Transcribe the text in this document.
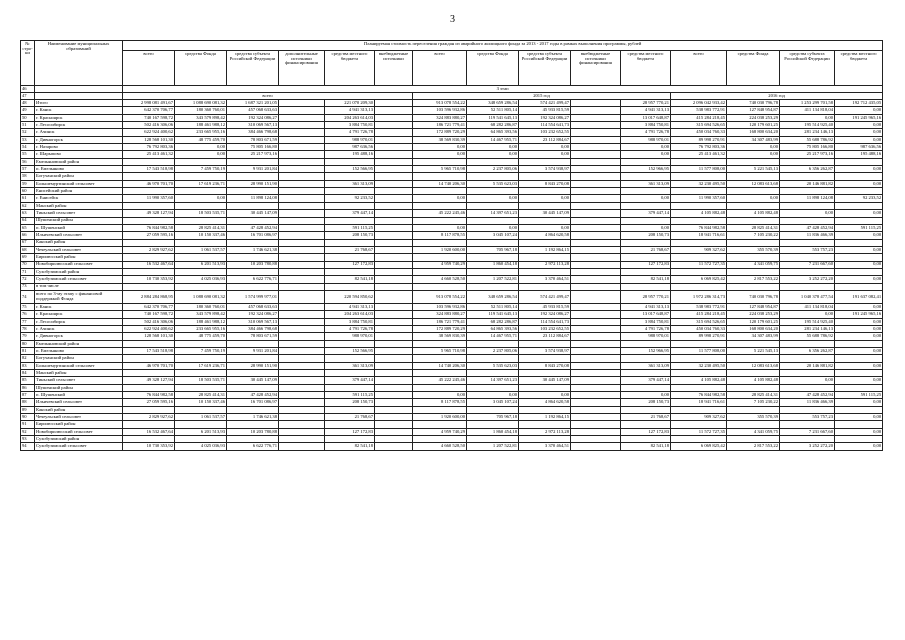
3
№ стро-ки	Наименование муниципальных образований	Планируемая стоимость переселения граждан из аварийного жилищного фонда за 2013 - 2017 годы в рамках выполнения программы, рублей														
		всего	средства Фонда	средства субъекта Российской Федерации	дополнительные источники финансирования	средства местного бюджета	внебюджетные источники	всего	средства Фонда	средства субъекта Российской Федерации	внебюджетные источники финансирования	средства местного бюджета	всего	средства Фонда	средства субъекта Российской Федерации	средства местного бюджета
46		3 этап														
47		всего						2015 год					2016 год			
48	Итого	2 998 081 491,67	1 088 690 081,32	1 687 321 201,05		221 070 209,30		913 078 554,22	348 659 286,54	574 421 499,47		28 957 770,21	2 096 042 933,42	740 030 796,78	1 253 299 701,58	192 712 435,05
49	г. Канск	642 370 706,77	180 360 760,01	457 068 633,63		4 941 313,13		103 596 932,86	52 511 805,14	45 933 815,59		4 941 313,13	538 983 772,91	127 848 954,87	411 134 818,04	0,00
50	г. Красноярск	740 167 598,72	343 579 898,42	192 324 086,27		204 263 614,03		324 883 880,27	119 541 645,13	192 324 086,27		13 017 648,87	415 284 218,45	224 038 253,29	0,00	191 245 965,16
51	г. Лесосибирск	502 416 306,06	188 461 988,12	310 069 567,13		3 884 750,81		186 721 779,41	68 282 286,87	114 554 641,73		3 884 750,81	315 694 526,65	120 179 601,25	195 514 925,40	0,00
52	г. Ачинск	622 924 400,62	233 665 955,16	384 466 798,68		4 791 726,78		172 889 720,29	64 865 393,56	103 232 652,55		4 791 726,78	450 034 760,33	168 800 634,20	281 234 146,13	0,00
53	г. Дивногорск	128 568 101,30	48 775 459,70	78 803 671,59		988 970,01		38 569 830,39	14 467 955,71	23 112 884,67		988 970,01	89 998 270,91	34 307 483,99	55 688 786,92	0,00
54	г. Назарово	76 792 803,36	0,00	75 805 166,80		987 636,56		0,00	0,00	0,00		0,00	76 792 803,36	0,00	75 805 166,80	987 636,56
55	г. Шарыпово	25 413 461,32	0,00	25 217 973,16		195 488,16		0,00	0,00	0,00		0,00	25 413 461,32	0,00	25 217 973,16	195 488,16
56	Емельяновский район															
57	п. Емельяново	17 543 518,98	7 459 750,19	9 931 201,84		152 566,95		5 965 710,98	2 237 805,06	3 574 938,97		152 966,95	11 577 808,00	5 221 545,13	6 356 262,87	0,00
58	Богучанский район															
59	Большемуртинский сельсовет	46 970 701,70	17 619 236,71	28 990 151,90		361 313,09		14 740 206,30	5 535 623,03	8 843 270,08		361 313,09	32 230 495,50	12 083 613,68	20 146 881,82	0,00
60	Енисейский район															
61	г. Енисейск	11 990 357,60	0,00	11 898 124,08		92 233,52		0,00	0,00	0,00		0,00	11 990 357,60	0,00	11 898 124,08	92 233,52
62	Манский район															
63	Тиньский сельсовет	49 328 127,94	18 503 535,71	30 445 147,09		379 447,14		45 222 245,46	14 397 651,23	30 445 147,09		379 447,14	4 105 882,48	4 105 882,48	0,00	0,00
64	Шушенский район															
65	п. Шушенский	76 844 982,58	28 825 414,31	47 428 452,94		591 115,25		0,00	0,00	0,00		0,00	76 844 982,58	28 825 414,31	47 428 452,94	591 115,25
66	Ильичевский сельсовет	27 059 595,16	10 150 337,46	16 701 086,97		208 150,73		8 117 878,55	3 045 107,24	4 864 620,58		208 150,73	18 941 716,61	7 105 230,22	11 836 466,39	0,00
67	Канский район															
68	Чечеульский сельсовет	2 829 927,62	1 061 537,57	1 746 621,38		21 768,67		1 920 600,00	705 967,18	1 192 864,15		21 768,67	909 327,62	355 570,39	553 757,23	0,00
69	Бирилюсский район															
70	Новобирилюсский сельсовет	16 532 467,64	6 201 513,93	10 203 780,88		127 172,83		4 959 740,29	1 860 454,18	2 972 113,28		127 172,83	11 572 727,35	4 341 059,75	7 231 667,60	0,00
71	Сухобузимский район															
72	Сухобузимский сельсовет	10 730 353,92	4 025 036,93	6 622 776,71		82 541,18		4 660 528,50	1 207 522,81	3 370 464,51		82 541,18	6 069 825,42	2 817 553,22	3 252 272,20	0,00
73	в том числе															
74	всего по 3-му этапу с финансовой поддержкой Фонда	2 884 284 868,95	1 088 690 081,32	1 574 999 977,01		220 594 850,62		913 078 554,22	348 659 286,54	574 421 499,47		28 957 770,21	1 972 286 314,73	740 030 796,78	1 040 378 477,54	191 637 082,41
75	г. Канск	642 370 706,77	180 360 760,01	457 068 633,63		4 941 313,13		103 596 932,86	52 511 805,14	45 933 815,59		4 941 313,13	538 983 772,91	127 848 954,87	411 134 818,04	0,00
76	г. Красноярск	740 167 598,72	343 579 898,42	192 324 086,27		204 263 614,03		324 883 880,27	119 541 645,13	192 324 086,27		13 017 648,87	415 284 218,45	224 038 253,29	0,00	191 245 965,16
77	г. Лесосибирск	502 416 306,06	188 461 988,12	310 069 567,13		3 884 750,81		186 721 779,41	68 282 286,87	114 554 641,73		3 884 750,81	315 694 526,65	120 179 601,25	195 514 925,40	0,00
78	г. Ачинск	622 924 400,62	233 665 955,16	384 466 798,68		4 791 726,78		172 889 720,29	64 865 393,56	103 232 652,55		4 791 726,78	450 034 760,33	168 800 634,20	281 234 146,13	0,00
79	г. Дивногорск	128 568 101,30	48 775 459,70	78 803 671,59		988 970,01		38 569 830,39	14 467 955,71	23 112 884,67		988 970,01	89 998 270,91	34 307 483,99	55 688 786,92	0,00
80	Емельяновский район															
81	п. Емельяново	17 543 518,98	7 459 750,19	9 931 201,84		152 566,95		5 965 710,98	2 237 805,06	3 574 938,97		152 966,95	11 577 808,00	5 221 545,13	6 356 262,87	0,00
82	Богучанский район															
83	Большемуртинский сельсовет	46 970 701,70	17 619 236,71	28 990 151,90		361 313,09		14 740 206,30	5 535 623,03	8 843 270,08		361 313,09	32 230 495,50	12 083 613,68	20 146 881,82	0,00
84	Манский район															
85	Тиньский сельсовет	49 328 127,94	18 503 535,71	30 445 147,09		379 447,14		45 222 245,46	14 397 651,23	30 445 147,09		379 447,14	4 105 882,48	4 105 882,48	0,00	0,00
86	Шушенский район															
87	п. Шушенский	76 844 982,58	28 825 414,31	47 428 452,94		591 115,25		0,00	0,00	0,00		0,00	76 844 982,58	28 825 414,31	47 428 452,94	591 115,25
88	Ильичевский сельсовет	27 059 595,16	10 150 337,46	16 701 086,97		208 150,73		8 117 878,55	3 045 107,24	4 864 620,58		208 150,73	18 941 716,61	7 105 230,22	11 836 466,39	0,00
89	Канский район															
90	Чечеульский сельсовет	2 829 927,62	1 061 537,57	1 746 621,38		21 768,67		1 920 600,00	705 967,18	1 192 864,15		21 768,67	909 327,62	355 570,39	553 757,23	0,00
91	Бирилюсский район															
92	Новобирилюсский сельсовет	16 532 467,64	6 201 513,93	10 203 780,88		127 172,83		4 959 740,29	1 860 454,18	2 972 113,28		127 172,83	11 572 727,35	4 341 059,75	7 231 667,60	0,00
93	Сухобузимский район															
94	Сухобузимский сельсовет	10 730 353,92	4 025 036,93	6 622 776,71		82 541,18		4 660 528,50	1 207 522,81	3 370 464,51		82 541,18	6 069 825,42	2 817 553,22	3 252 272,20	0,00
